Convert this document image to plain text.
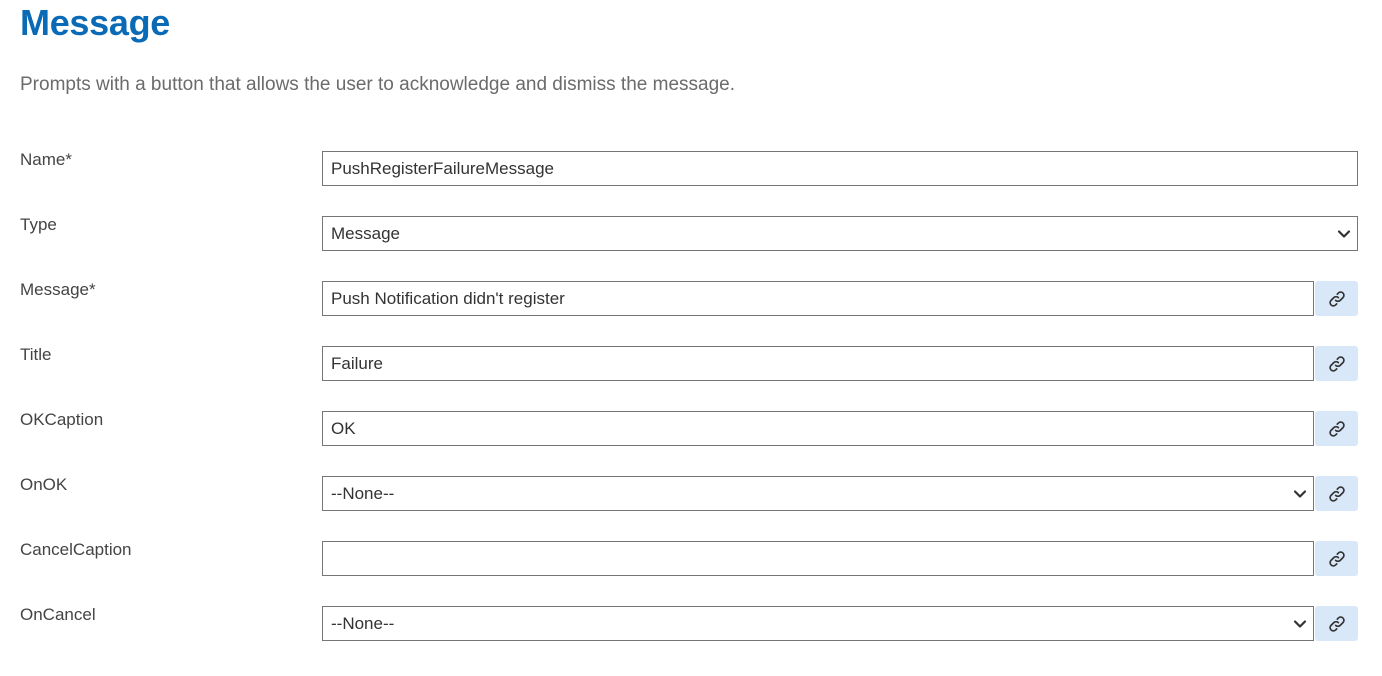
Message

Prompts with a button that allows the user to acknowledge and dismiss the message.

Name*	PushRegisterFailureMessage
Type	Message
Message*	Push Notification didn't register
Title	Failure
OKCaption	OK
OnOK	--None--
CancelCaption
OnCancel	--None--
